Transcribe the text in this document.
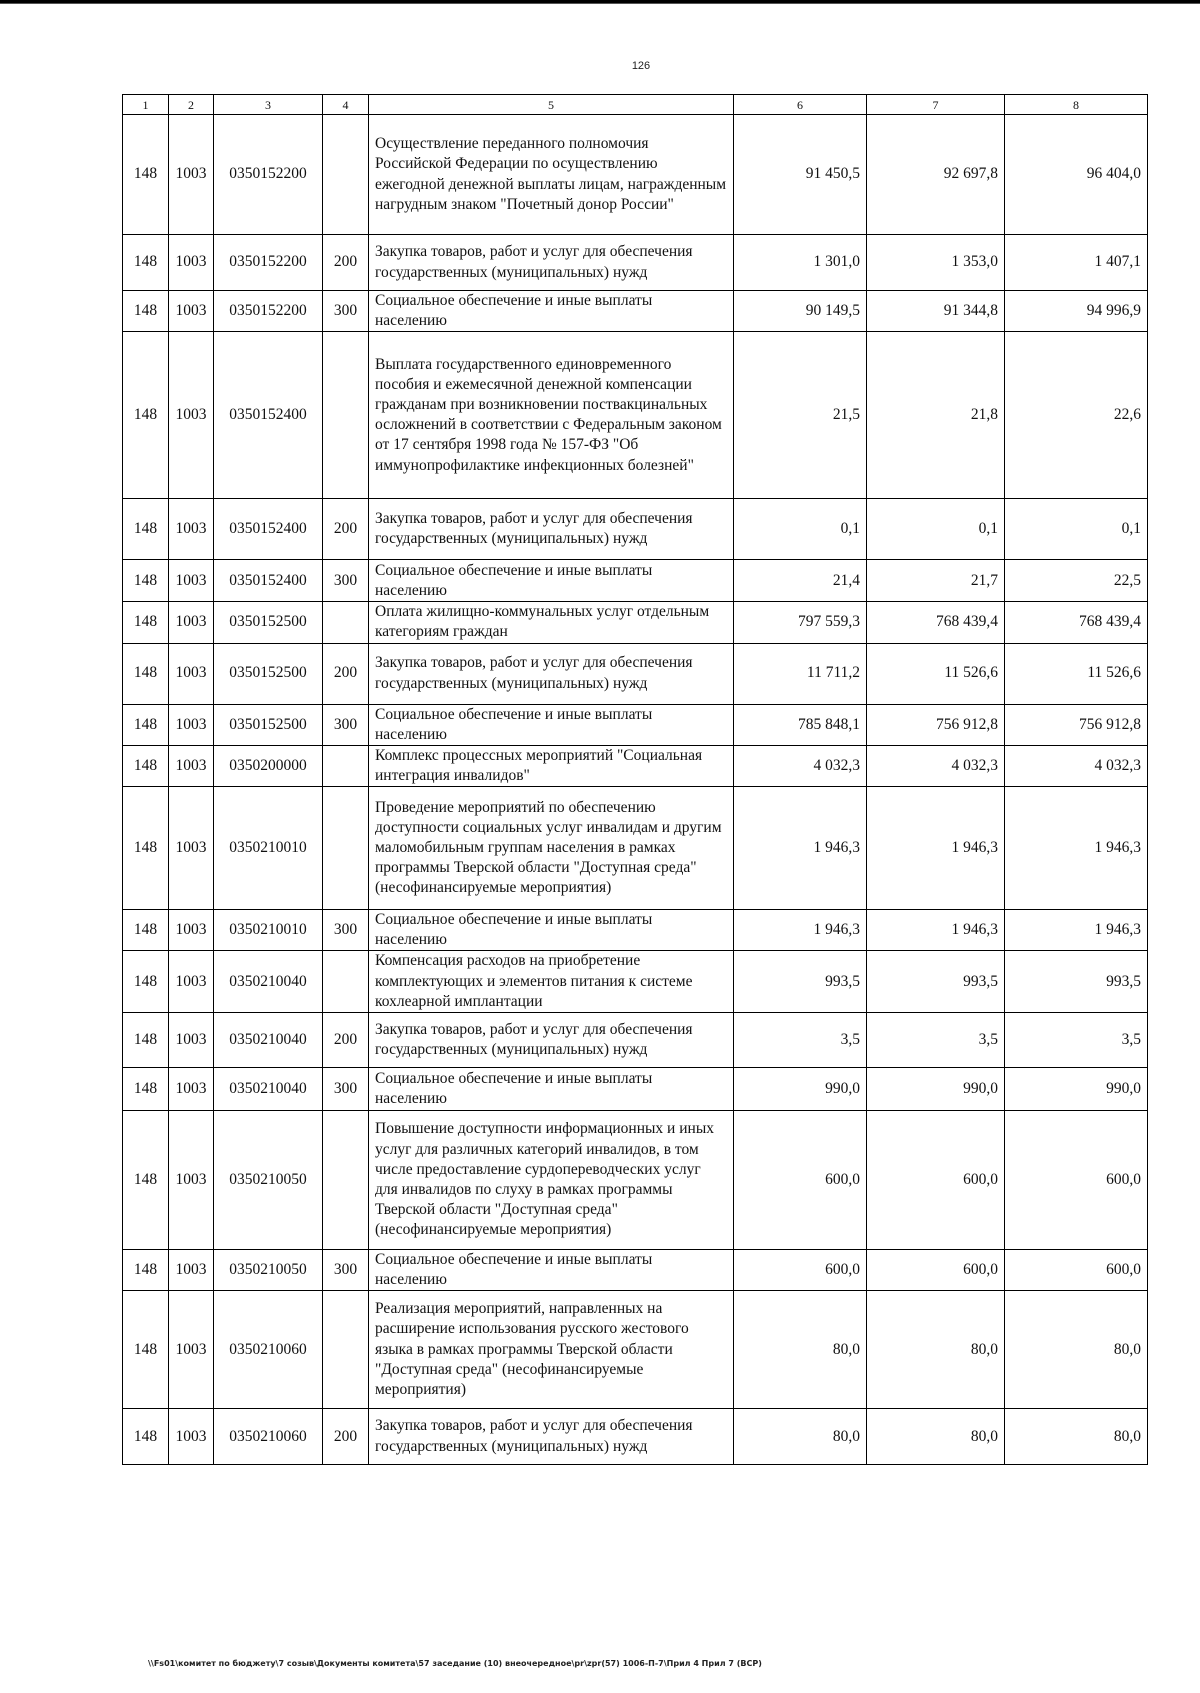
126
1	2	3	4	5	6	7	8
148	1003	0350152200		Осуществление переданного полномочия Российской Федерации по осуществлению ежегодной денежной выплаты лицам, награжденным нагрудным знаком "Почетный донор России"	91 450,5	92 697,8	96 404,0
148	1003	0350152200	200	Закупка товаров, работ и услуг для обеспечения государственных (муниципальных) нужд	1 301,0	1 353,0	1 407,1
148	1003	0350152200	300	Социальное обеспечение и иные выплаты населению	90 149,5	91 344,8	94 996,9
148	1003	0350152400		Выплата государственного единовременного пособия и ежемесячной денежной компенсации гражданам при возникновении поствакцинальных осложнений в соответствии с Федеральным законом от 17 сентября 1998 года № 157-ФЗ "Об иммунопрофилактике инфекционных болезней"	21,5	21,8	22,6
148	1003	0350152400	200	Закупка товаров, работ и услуг для обеспечения государственных (муниципальных) нужд	0,1	0,1	0,1
148	1003	0350152400	300	Социальное обеспечение и иные выплаты населению	21,4	21,7	22,5
148	1003	0350152500		Оплата жилищно-коммунальных услуг отдельным категориям граждан	797 559,3	768 439,4	768 439,4
148	1003	0350152500	200	Закупка товаров, работ и услуг для обеспечения государственных (муниципальных) нужд	11 711,2	11 526,6	11 526,6
148	1003	0350152500	300	Социальное обеспечение и иные выплаты населению	785 848,1	756 912,8	756 912,8
148	1003	0350200000		Комплекс процессных мероприятий "Социальная интеграция инвалидов"	4 032,3	4 032,3	4 032,3
148	1003	0350210010		Проведение мероприятий по обеспечению доступности социальных услуг инвалидам и другим маломобильным группам населения в рамках программы Тверской области "Доступная среда" (несофинансируемые мероприятия)	1 946,3	1 946,3	1 946,3
148	1003	0350210010	300	Социальное обеспечение и иные выплаты населению	1 946,3	1 946,3	1 946,3
148	1003	0350210040		Компенсация расходов на приобретение комплектующих и элементов питания к системе кохлеарной имплантации	993,5	993,5	993,5
148	1003	0350210040	200	Закупка товаров, работ и услуг для обеспечения государственных (муниципальных) нужд	3,5	3,5	3,5
148	1003	0350210040	300	Социальное обеспечение и иные выплаты населению	990,0	990,0	990,0
148	1003	0350210050		Повышение доступности информационных и иных услуг для различных категорий инвалидов, в том числе предоставление сурдопереводческих услуг для инвалидов по слуху в рамках программы Тверской области "Доступная среда" (несофинансируемые мероприятия)	600,0	600,0	600,0
148	1003	0350210050	300	Социальное обеспечение и иные выплаты населению	600,0	600,0	600,0
148	1003	0350210060		Реализация мероприятий, направленных на расширение использования русского жестового языка в рамках программы Тверской области "Доступная среда" (несофинансируемые мероприятия)	80,0	80,0	80,0
148	1003	0350210060	200	Закупка товаров, работ и услуг для обеспечения государственных (муниципальных) нужд	80,0	80,0	80,0
\\Fs01\комитет по бюджету\7 созыв\Документы комитета\57 заседание (10) внеочередное\pr\zpr(57) 1006-П-7\Прил 4 Прил 7 (ВСР)
